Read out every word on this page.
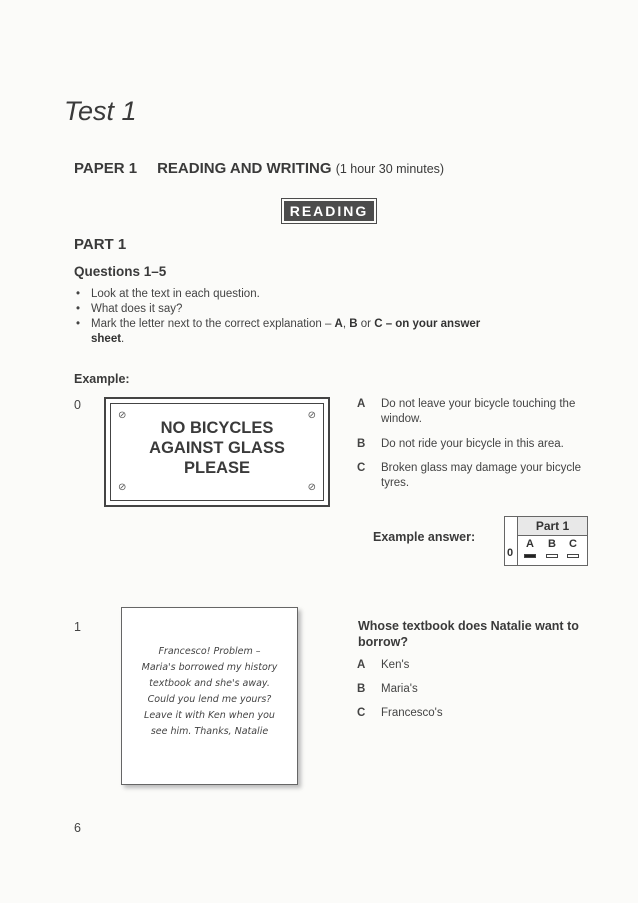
Test 1
PAPER 1 READING AND WRITING (1 hour 30 minutes)
READING
PART 1
Questions 1–5
• Look at the text in each question.
• What does it say?
• Mark the letter next to the correct explanation – A, B or C – on your answer sheet.
Example:
0
⊘	⊘
⊘	⊘
NO BICYCLES
AGAINST GLASS
PLEASE
A Do not leave your bicycle touching the
window.
B Do not ride your bicycle in this area.
C Broken glass may damage your bicycle
tyres.
Example answer:
Part 1
0
A B C
1
Francesco! Problem –
Maria's borrowed my history
textbook and she's away.
Could you lend me yours?
Leave it with Ken when you
see him. Thanks, Natalie
Whose textbook does Natalie want to
borrow?
A Ken's
B Maria's
C Francesco's
6
